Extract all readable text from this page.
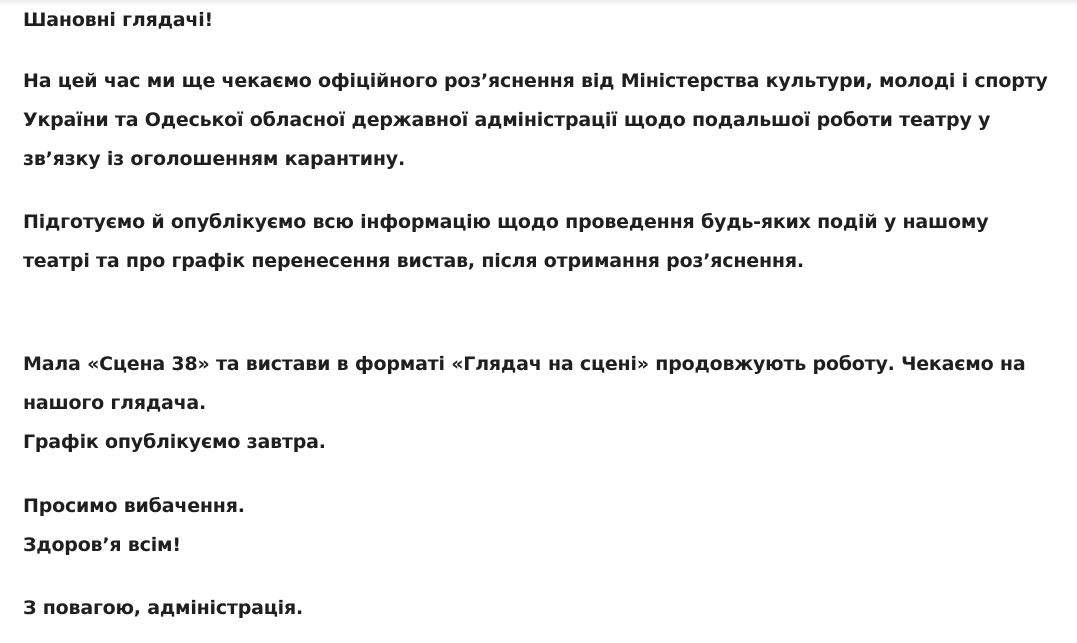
Шановні глядачі!

На цей час ми ще чекаємо офіційного роз’яснення від Міністерства культури, молоді і спорту
України та Одеської обласної державної адміністрації щодо подальшої роботи театру у
зв’язку із оголошенням карантину.

Підготуємо й опублікуємо всю інформацію щодо проведення будь-яких подій у нашому
театрі та про графік перенесення вистав, після отримання роз’яснення.

Мала «Сцена 38» та вистави в форматі «Глядач на сцені» продовжують роботу. Чекаємо на
нашого глядача.
Графік опублікуємо завтра.

Просимо вибачення.
Здоров’я всім!

З повагою, адміністрація.
